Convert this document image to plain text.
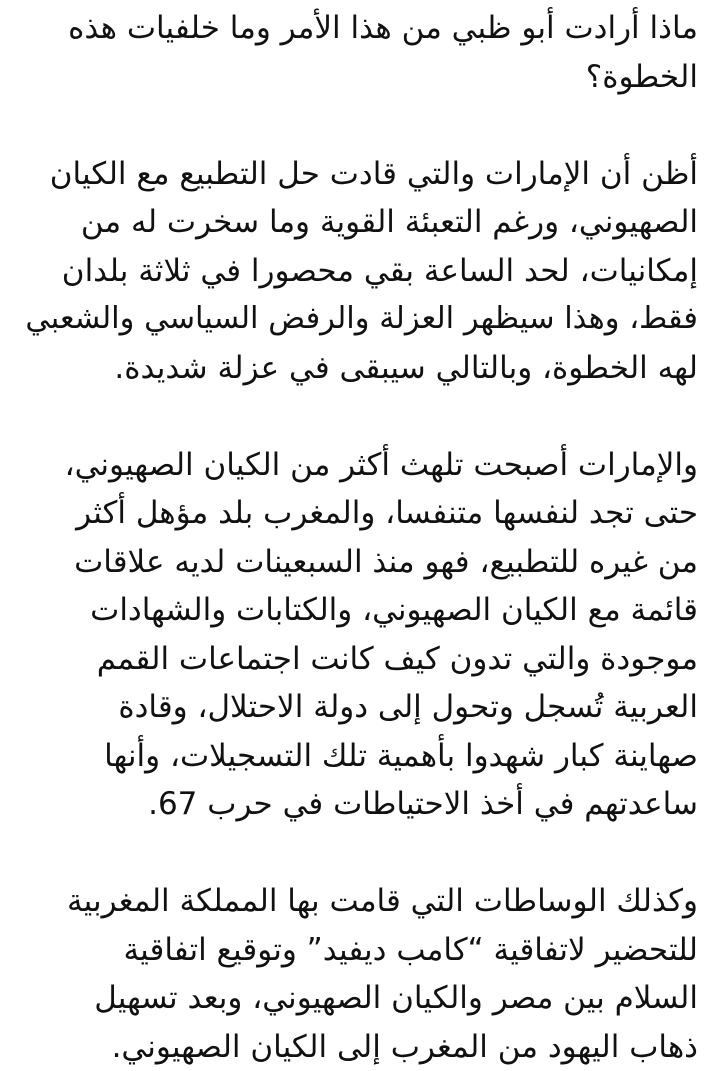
ماذا أرادت أبو ظبي من هذا الأمر وما خلفيات هذه
الخطوة؟
أظن أن الإمارات والتي قادت حل التطبيع مع الكيان
الصهيوني، ورغم التعبئة القوية وما سخرت له من
إمكانيات، لحد الساعة بقي محصورا في ثلاثة بلدان
فقط، وهذا سيظهر العزلة والرفض السياسي والشعبي
لهه الخطوة، وبالتالي سيبقى في عزلة شديدة.
والإمارات أصبحت تلهث أكثر من الكيان الصهيوني،
حتى تجد لنفسها متنفسا، والمغرب بلد مؤهل أكثر
من غيره للتطبيع، فهو منذ السبعينات لديه علاقات
قائمة مع الكيان الصهيوني، والكتابات والشهادات
موجودة والتي تدون كيف كانت اجتماعات القمم
العربية تُسجل وتحول إلى دولة الاحتلال، وقادة
صهاينة كبار شهدوا بأهمية تلك التسجيلات، وأنها
ساعدتهم في أخذ الاحتياطات في حرب 67.
وكذلك الوساطات التي قامت بها المملكة المغربية
للتحضير لاتفاقية “كامب ديفيد” وتوقيع اتفاقية
السلام بين مصر والكيان الصهيوني، وبعد تسهيل
ذهاب اليهود من المغرب إلى الكيان الصهيوني.
